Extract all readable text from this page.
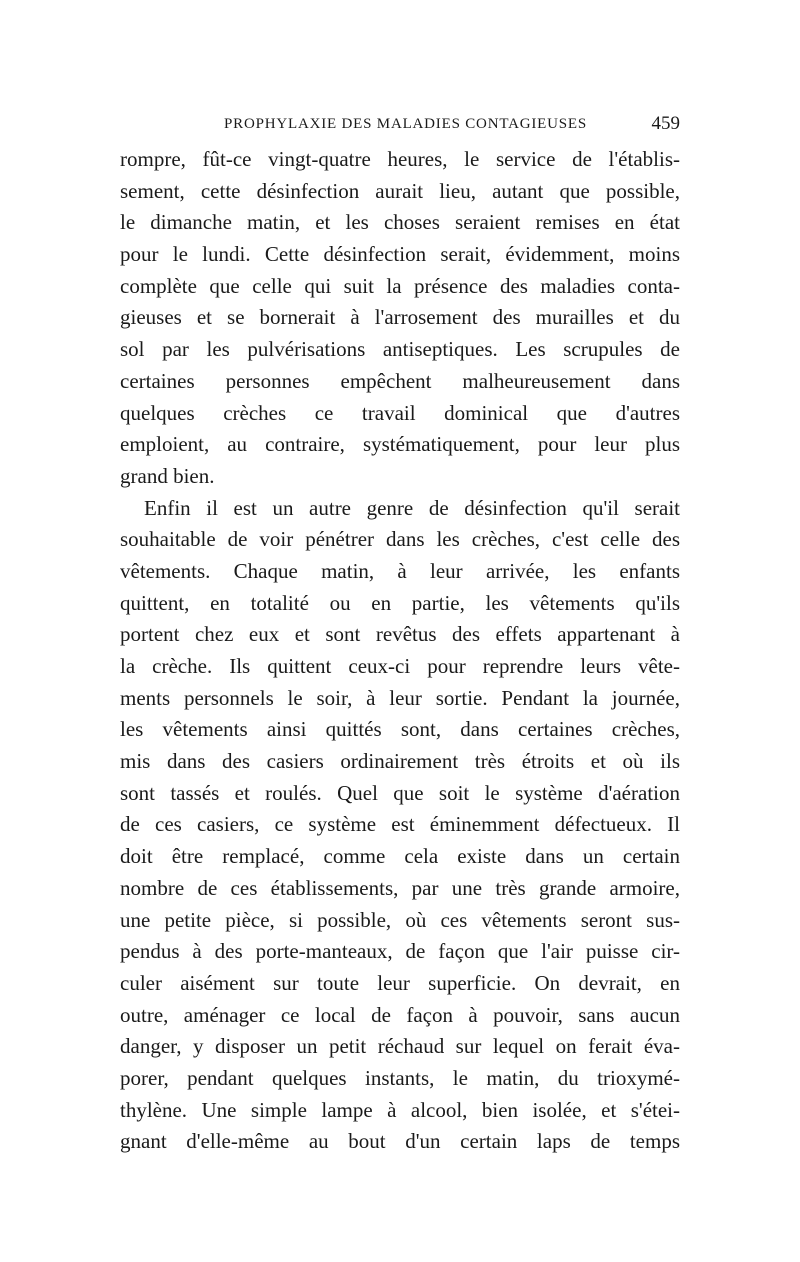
PROPHYLAXIE DES MALADIES CONTAGIEUSES	459
rompre, fût-ce vingt-quatre heures, le service de l'établis-
sement, cette désinfection aurait lieu, autant que possible,
le dimanche matin, et les choses seraient remises en état
pour le lundi. Cette désinfection serait, évidemment, moins
complète que celle qui suit la présence des maladies conta-
gieuses et se bornerait à l'arrosement des murailles et du
sol par les pulvérisations antiseptiques. Les scrupules de
certaines personnes empêchent malheureusement dans
quelques crèches ce travail dominical que d'autres
emploient, au contraire, systématiquement, pour leur plus
grand bien.
Enfin il est un autre genre de désinfection qu'il serait
souhaitable de voir pénétrer dans les crèches, c'est celle des
vêtements. Chaque matin, à leur arrivée, les enfants
quittent, en totalité ou en partie, les vêtements qu'ils
portent chez eux et sont revêtus des effets appartenant à
la crèche. Ils quittent ceux-ci pour reprendre leurs vête-
ments personnels le soir, à leur sortie. Pendant la journée,
les vêtements ainsi quittés sont, dans certaines crèches,
mis dans des casiers ordinairement très étroits et où ils
sont tassés et roulés. Quel que soit le système d'aération
de ces casiers, ce système est éminemment défectueux. Il
doit être remplacé, comme cela existe dans un certain
nombre de ces établissements, par une très grande armoire,
une petite pièce, si possible, où ces vêtements seront sus-
pendus à des porte-manteaux, de façon que l'air puisse cir-
culer aisément sur toute leur superficie. On devrait, en
outre, aménager ce local de façon à pouvoir, sans aucun
danger, y disposer un petit réchaud sur lequel on ferait éva-
porer, pendant quelques instants, le matin, du trioxymé-
thylène. Une simple lampe à alcool, bien isolée, et s'étei-
gnant d'elle-même au bout d'un certain laps de temps
